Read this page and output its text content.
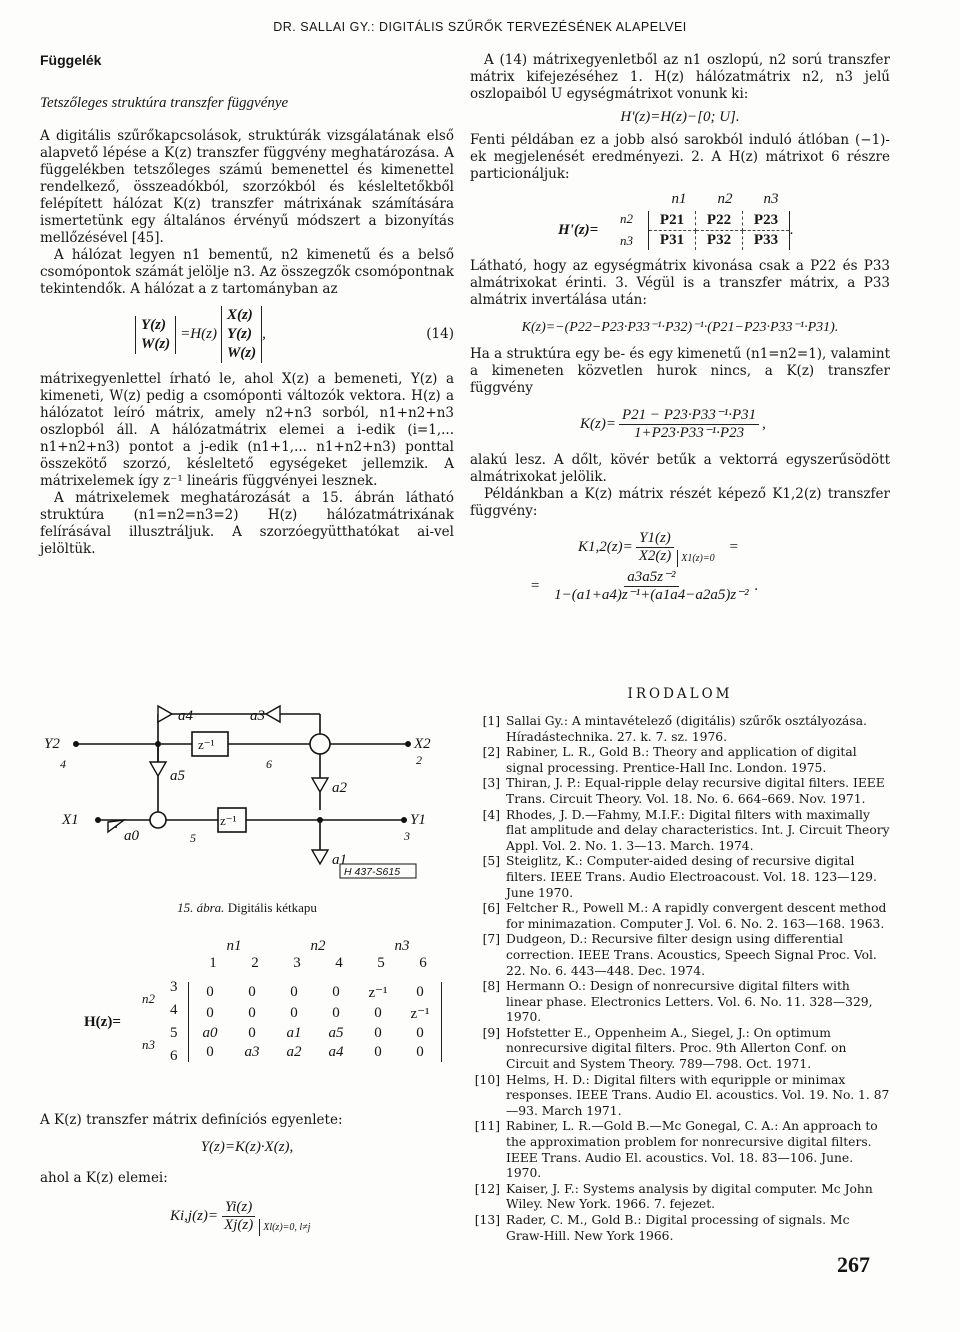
DR. SALLAI GY.: DIGITÁLIS SZŰRŐK TERVEZÉSÉNEK ALAPELVEI
Függelék
Tetszőleges struktúra transzfer függvénye

A digitális szűrőkapcsolások, struktúrák vizsgálatának első alapvető lépése a K(z) transzfer függvény meghatározása. A függelékben tetszőleges számú bemenettel és kimenettel rendelkező, összeadókból, szorzókból és késleltetőkből felépített hálózat K(z) transzfer mátrixának számítására ismertetünk egy általános érvényű módszert a bizonyítás mellőzésével [45].

A hálózat legyen n1 bementű, n2 kimenetű és a belső csomópontok számát jelölje n3. Az összegzők csomópontnak tekintendők. A hálózat a z tartományban az

Y(z)
W(z)
=H(z)
X(z)
Y(z)
W(z)
,	(14)

mátrixegyenlettel írható le, ahol X(z) a bemeneti, Y(z) a kimeneti, W(z) pedig a csomóponti változók vektora. H(z) a hálózatot leíró mátrix, amely n2+n3 sorból, n1+n2+n3 oszlopból áll. A hálózatmátrix elemei a i-edik (i=1,... n1+n2+n3) pontot a j-edik (n1+1,... n1+n2+n3) ponttal összekötő szorzó, késleltető egységeket jellemzik. A mátrixelemek így z⁻¹ lineáris függvényei lesznek.

A mátrixelemek meghatározását a 15. ábrán látható struktúra (n1=n2=n3=2) H(z) hálózatmátrixának felírásával illusztráljuk. A szorzóegyütthatókat ai-vel jelöltük.

Y2
4
X1
X2
Y1
a4	a3
a5
a2
a1
a0
z⁻¹
z⁻¹
6	2
5	3
H 437-S615
15. ábra. Digitális kétkapu
n1	n2	n3
1	2	3	4	5	6
H(z)=
n2
n3
3
4
5
6
0	0	0	0	z⁻¹	0
0	0	0	0	0	z⁻¹
a0	0	a1	a5	0	0
0	a3	a2	a4	0	0

A K(z) transzfer mátrix definíciós egyenlete:

Y(z)=K(z)·X(z),

ahol a K(z) elemei:

$Ki,j(z)= \frac{Yi(z)}{Xj(z)} Xl(z)=0$, l≠j

A (14) mátrixegyenletből az n1 oszlopú, n2 sorú transzfer mátrix kifejezéséhez 1. H(z) hálózatmátrix n2, n3 jelű oszlopaiból U egységmátrixot vonunk ki:

H'(z)=H(z)−[0; U].

Fenti példában ez a jobb alsó sarokból induló átlóban (−1)-ek megjelenését eredményezi. 2. A H(z) mátrixot 6 részre particionáljuk:

n1	n2	n3
H'(z)=
n2
n3
P21	P22	P23
P31	P32	P33
.

Látható, hogy az egységmátrix kivonása csak a P22 és P33 almátrixokat érinti. 3. Végül is a transzfer mátrix, a P33 almátrix invertálása után:

K(z)=−(P22−P23·P33⁻¹·P32)⁻¹·(P21−P23·P33⁻¹·P31).

Ha a struktúra egy be- és egy kimenetű (n1=n2=1), valamint a kimeneten közvetlen hurok nincs, a K(z) transzfer függvény

$K(z)= \frac{\text{P21 − P23·P33⁻¹·P31}}{\text{1+P23·P33⁻¹·P23}}$ ,

alakú lesz. A dőlt, kövér betűk a vektorrá egyszerűsödött almátrixokat jelölik.

Példánkban a K(z) mátrix részét képező K1,2(z) transzfer függvény:

$K1,2(z)= \frac{Y1(z)}{X2(z)} X1(z)=0$
=
= $\frac{\text{a3a5z⁻²}}{\text{1−(a1+a4)z⁻¹+(a1a4−a2a5)z⁻²}}$ .
IRODALOM
[1] Sallai Gy.: A mintavételező (digitális) szűrők osztályozása. Híradástechnika. 27. k. 7. sz. 1976.
[2] Rabiner, L. R., Gold B.: Theory and application of digital signal processing. Prentice-Hall Inc. London. 1975.
[3] Thiran, J. P.: Equal-ripple delay recursive digital filters. IEEE Trans. Circuit Theory. Vol. 18. No. 6. 664–669. Nov. 1971.
[4] Rhodes, J. D.—Fahmy, M.I.F.: Digital filters with maximally flat amplitude and delay characteristics. Int. J. Circuit Theory Appl. Vol. 2. No. 1. 3—13. March. 1974.
[5] Steiglitz, K.: Computer-aided desing of recursive digital filters. IEEE Trans. Audio Electroacoust. Vol. 18. 123—129. June 1970.
[6] Feltcher R., Powell M.: A rapidly convergent descent method for minimazation. Computer J. Vol. 6. No. 2. 163—168. 1963.
[7] Dudgeon, D.: Recursive filter design using differential correction. IEEE Trans. Acoustics, Speech Signal Proc. Vol. 22. No. 6. 443—448. Dec. 1974.
[8] Hermann O.: Design of nonrecursive digital filters with linear phase. Electronics Letters. Vol. 6. No. 11. 328—329, 1970.
[9] Hofstetter E., Oppenheim A., Siegel, J.: On optimum nonrecursive digital filters. Proc. 9th Allerton Conf. on Circuit and System Theory. 789—798. Oct. 1971.
[10] Helms, H. D.: Digital filters with equripple or minimax responses. IEEE Trans. Audio El. acoustics. Vol. 19. No. 1. 87—93. March 1971.
[11] Rabiner, L. R.—Gold B.—Mc Gonegal, C. A.: An approach to the approximation problem for nonrecursive digital filters. IEEE Trans. Audio El. acoustics. Vol. 18. 83—106. June. 1970.
[12] Kaiser, J. F.: Systems analysis by digital computer. Mc John Wiley. New York. 1966. 7. fejezet.
[13] Rader, C. M., Gold B.: Digital processing of signals. Mc Graw-Hill. New York 1966.
267
